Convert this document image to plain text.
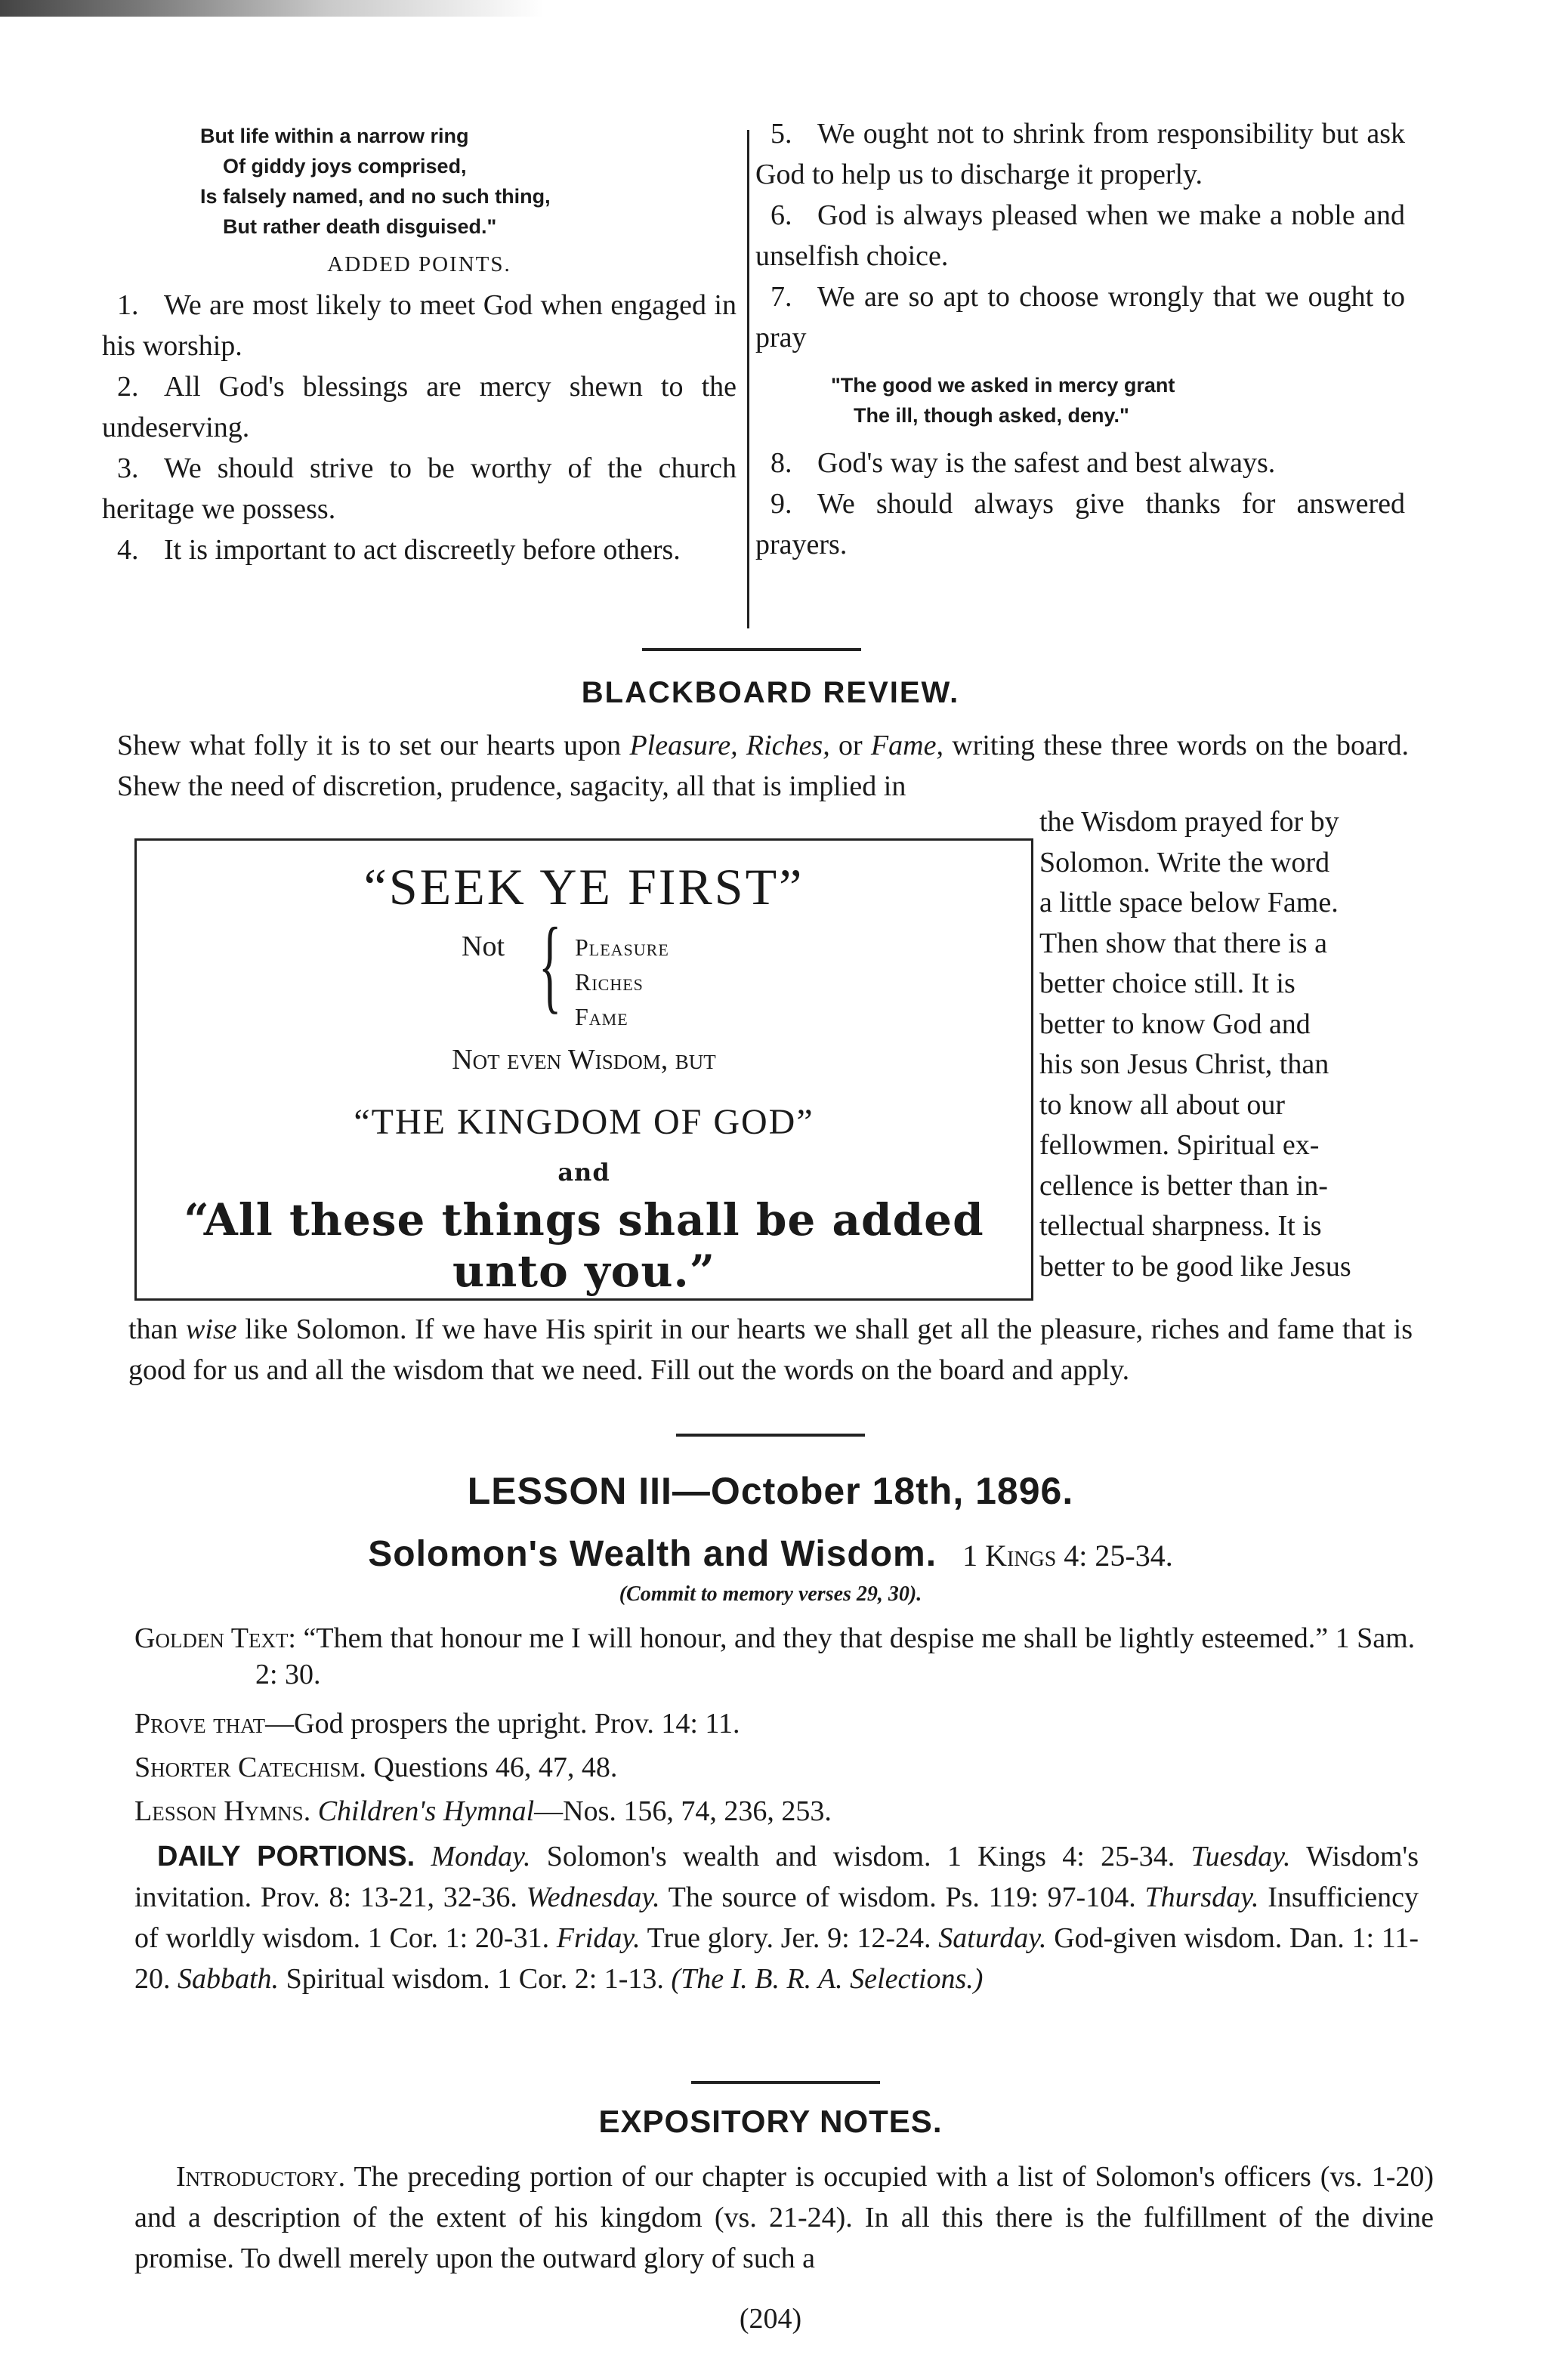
But life within a narrow ring

Of giddy joys comprised,

Is falsely named, and no such thing,

But rather death disguised."

ADDED POINTS.

1. We are most likely to meet God when engaged in his worship.

2. All God's blessings are mercy shewn to the undeserving.

3. We should strive to be worthy of the church heritage we possess.

4. It is important to act discreetly before others.

5. We ought not to shrink from responsibility but ask God to help us to discharge it properly.

6. God is always pleased when we make a noble and unselfish choice.

7. We are so apt to choose wrongly that we ought to pray

"The good we asked in mercy grant

The ill, though asked, deny."

8. God's way is the safest and best always.

9. We should always give thanks for answered prayers.

BLACKBOARD REVIEW.

Shew what folly it is to set our hearts upon Pleasure, Riches, or Fame, writing these three words on the board. Shew the need of discretion, prudence, sagacity, all that is implied in

“SEEK YE FIRST”
Not { Pleasure
Riches
Fame
Not even Wisdom, but
“THE KINGDOM OF GOD”
and
“All these things shall be added unto you.”
the Wisdom prayed for by
Solomon. Write the word
a little space below Fame.
Then show that there is a
better choice still. It is
better to know God and
his son Jesus Christ, than
to know all about our
fellowmen. Spiritual ex-
cellence is better than in-
tellectual sharpness. It is
better to be good like Jesus

than wise like Solomon. If we have His spirit in our hearts we shall get all the pleasure, riches and fame that is good for us and all the wisdom that we need. Fill out the words on the board and apply.

LESSON III—October 18th, 1896.
Solomon's Wealth and Wisdom. 1 Kings 4: 25-34.
(Commit to memory verses 29, 30).

Golden Text: “Them that honour me I will honour, and they that despise me shall be lightly esteemed.” 1 Sam. 2: 30.

Prove that—God prospers the upright. Prov. 14: 11.

Shorter Catechism. Questions 46, 47, 48.

Lesson Hymns. Children's Hymnal—Nos. 156, 74, 236, 253.

DAILY PORTIONS. Monday. Solomon's wealth and wisdom. 1 Kings 4: 25-34. Tuesday. Wisdom's invitation. Prov. 8: 13-21, 32-36. Wednesday. The source of wisdom. Ps. 119: 97-104. Thursday. Insufficiency of worldly wisdom. 1 Cor. 1: 20-31. Friday. True glory. Jer. 9: 12-24. Saturday. God-given wisdom. Dan. 1: 11-20. Sabbath. Spiritual wisdom. 1 Cor. 2: 1-13. (The I. B. R. A. Selections.)

EXPOSITORY NOTES.

Introductory. The preceding portion of our chapter is occupied with a list of Solomon's officers (vs. 1-20) and a description of the extent of his kingdom (vs. 21-24). In all this there is the fulfillment of the divine promise. To dwell merely upon the outward glory of such a

(204)
